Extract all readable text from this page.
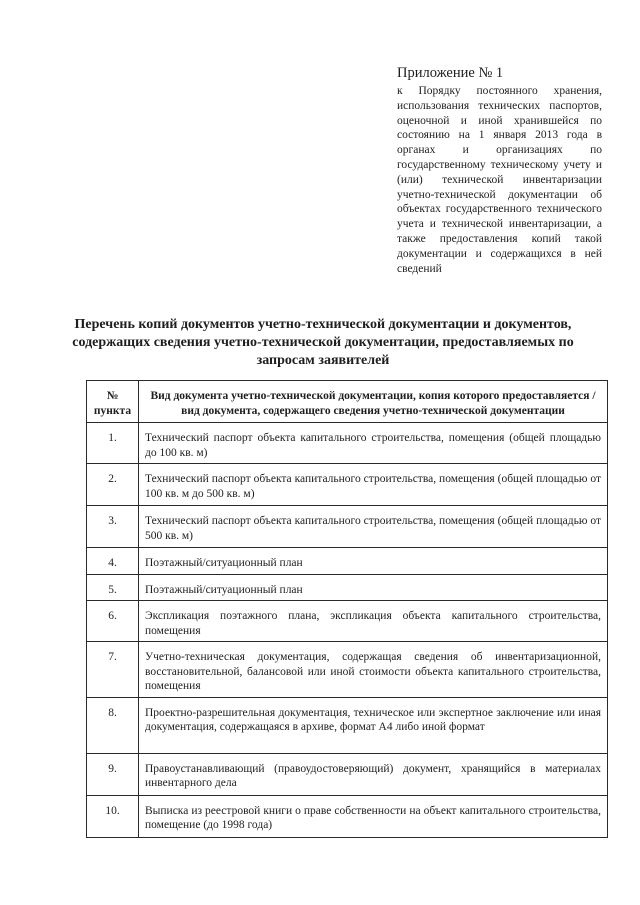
Приложение № 1

к Порядку постоянного хранения, использования технических паспортов, оценочной и иной хранившейся по состоянию на 1 января 2013 года в органах и организациях по государственному техническому учету и (или) технической инвентаризации учетно-технической документации об объектах государственного технического учета и технической инвентаризации, а также предоставления копий такой документации и содержащихся в ней сведений

Перечень копий документов учетно-технической документации и документов, содержащих сведения учетно-технической документации, предоставляемых по запросам заявителей
№ пункта	Вид документа учетно-технической документации, копия которого предоставляется / вид документа, содержащего сведения учетно-технической документации
1.	Технический паспорт объекта капитального строительства, помещения (общей площадью до 100 кв. м)
2.	Технический паспорт объекта капитального строительства, помещения (общей площадью от 100 кв. м до 500 кв. м)
3.	Технический паспорт объекта капитального строительства, помещения (общей площадью от 500 кв. м)
4.	Поэтажный/ситуационный план
5.	Поэтажный/ситуационный план
6.	Экспликация поэтажного плана, экспликация объекта капитального строительства, помещения
7.	Учетно-техническая документация, содержащая сведения об инвентаризационной, восстановительной, балансовой или иной стоимости объекта капитального строительства, помещения
8.	Проектно-разрешительная документация, техническое или экспертное заключение или иная документация, содержащаяся в архиве, формат А4 либо иной формат
9.	Правоустанавливающий (правоудостоверяющий) документ, хранящийся в материалах инвентарного дела
10.	Выписка из реестровой книги о праве собственности на объект капитального строительства, помещение (до 1998 года)
